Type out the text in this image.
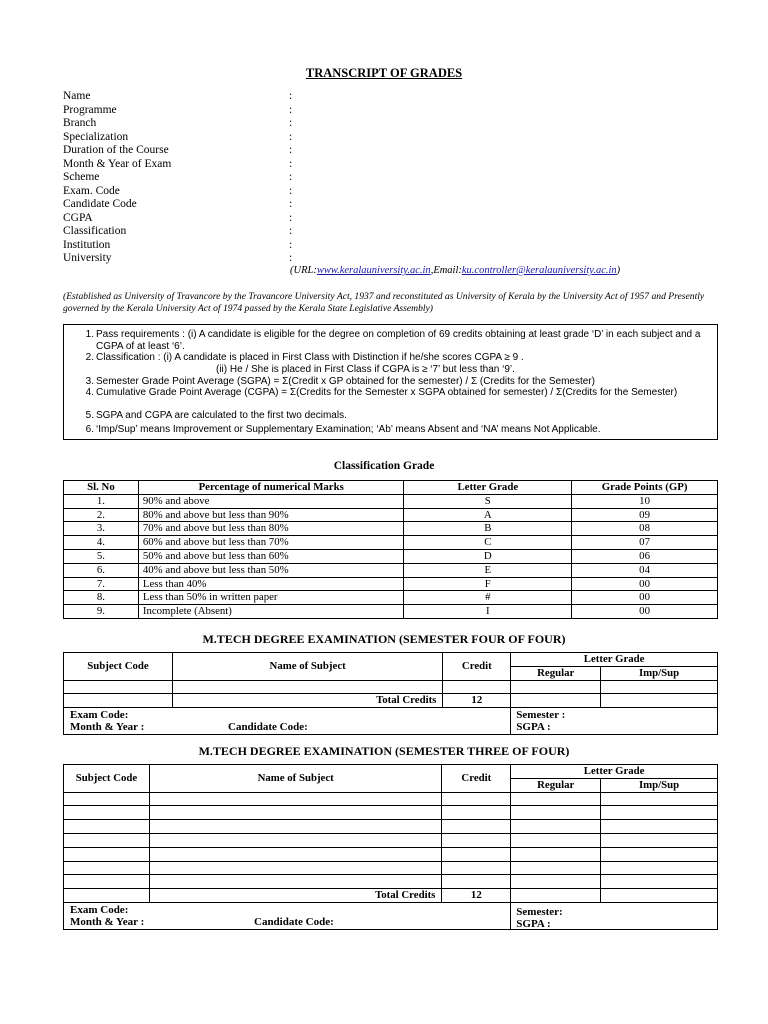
TRANSCRIPT OF GRADES
Name	:
Programme	:
Branch	:
Specialization	:
Duration of the Course	:
Month & Year of Exam	:
Scheme	:
Exam. Code	:
Candidate Code	:
CGPA	:
Classification	:
Institution	:
University	:
(URL:www.keralauniversity.ac.in,Email:ku.controller@keralauniversity.ac.in)
(Established as University of Travancore by the Travancore University Act, 1937 and reconstituted as University of Kerala by the University Act of 1957 and Presently governed by the Kerala University Act of 1974 passed by the Kerala State Legislative Assembly)
1. Pass requirements : (i) A candidate is eligible for the degree on completion of 69 credits obtaining at least grade ‘D’ in each subject and a CGPA of at least ‘6’.
2. Classification : (i) A candidate is placed in First Class with Distinction if he/she scores CGPA ≥ 9 .
(ii) He / She is placed in First Class if CGPA is ≥ ‘7’ but less than ‘9’.
3. Semester Grade Point Average (SGPA) = Σ(Credit x GP obtained for the semester) / Σ (Credits for the Semester)
4. Cumulative Grade Point Average (CGPA) = Σ(Credits for the Semester x SGPA obtained for semester) / Σ(Credits for the Semester)
5. SGPA and CGPA are calculated to the first two decimals.
6. ‘Imp/Sup’ means Improvement or Supplementary Examination; ‘Ab’ means Absent and ‘NA’ means Not Applicable.
Classification Grade
Sl. No	Percentage of numerical Marks	Letter Grade	Grade Points (GP)
1.	90% and above	S	10
2.	80% and above but less than 90%	A	09
3.	70% and above but less than 80%	B	08
4.	60% and above but less than 70%	C	07
5.	50% and above but less than 60%	D	06
6.	40% and above but less than 50%	E	04
7.	Less than 40%	F	00
8.	Less than 50% in written paper	#	00
9.	Incomplete (Absent)	I	00
M.TECH DEGREE EXAMINATION (SEMESTER FOUR OF FOUR)
Subject Code	Name of Subject	Credit	Letter Grade	
			Regular	Imp/Sup

	Total Credits	12		

Exam Code:
Month & Year : Candidate Code:			Semester :
SGPA :	
M.TECH DEGREE EXAMINATION (SEMESTER THREE OF FOUR)
Subject Code	Name of Subject	Credit	Letter Grade	
			Regular	Imp/Sup

	Total Credits	12		

Exam Code:
Month & Year : Candidate Code:			Semester:
SGPA :	
